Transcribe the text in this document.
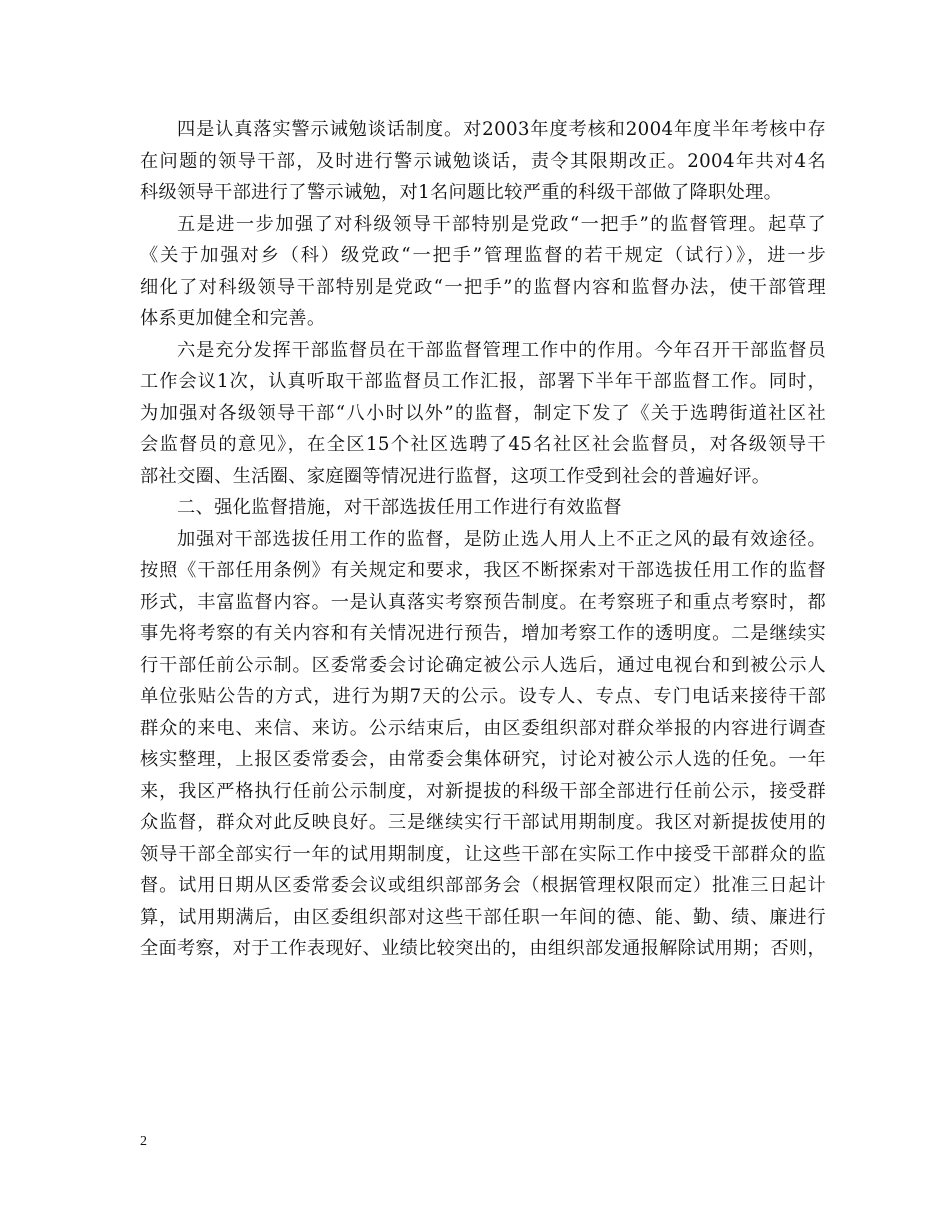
四是认真落实警示诫勉谈话制度。对2003年度考核和2004年度半年考核中存
在问题的领导干部，及时进行警示诫勉谈话，责令其限期改正。2004年共对4名
科级领导干部进行了警示诫勉，对1名问题比较严重的科级干部做了降职处理。
五是进一步加强了对科级领导干部特别是党政“一把手”的监督管理。起草了
《关于加强对乡（科）级党政“一把手”管理监督的若干规定（试行）》，进一步
细化了对科级领导干部特别是党政“一把手”的监督内容和监督办法，使干部管理
体系更加健全和完善。
六是充分发挥干部监督员在干部监督管理工作中的作用。今年召开干部监督员
工作会议1次，认真听取干部监督员工作汇报，部署下半年干部监督工作。同时，
为加强对各级领导干部“八小时以外”的监督，制定下发了《关于选聘街道社区社
会监督员的意见》，在全区15个社区选聘了45名社区社会监督员，对各级领导干
部社交圈、生活圈、家庭圈等情况进行监督，这项工作受到社会的普遍好评。
二、强化监督措施，对干部选拔任用工作进行有效监督
加强对干部选拔任用工作的监督，是防止选人用人上不正之风的最有效途径。
按照《干部任用条例》有关规定和要求，我区不断探索对干部选拔任用工作的监督
形式，丰富监督内容。一是认真落实考察预告制度。在考察班子和重点考察时，都
事先将考察的有关内容和有关情况进行预告，增加考察工作的透明度。二是继续实
行干部任前公示制。区委常委会讨论确定被公示人选后，通过电视台和到被公示人
单位张贴公告的方式，进行为期7天的公示。设专人、专点、专门电话来接待干部
群众的来电、来信、来访。公示结束后，由区委组织部对群众举报的内容进行调查
核实整理，上报区委常委会，由常委会集体研究，讨论对被公示人选的任免。一年
来，我区严格执行任前公示制度，对新提拔的科级干部全部进行任前公示，接受群
众监督，群众对此反映良好。三是继续实行干部试用期制度。我区对新提拔使用的
领导干部全部实行一年的试用期制度，让这些干部在实际工作中接受干部群众的监
督。试用日期从区委常委会议或组织部部务会（根据管理权限而定）批准三日起计
算，试用期满后，由区委组织部对这些干部任职一年间的德、能、勤、绩、廉进行
全面考察，对于工作表现好、业绩比较突出的，由组织部发通报解除试用期；否则，
2
